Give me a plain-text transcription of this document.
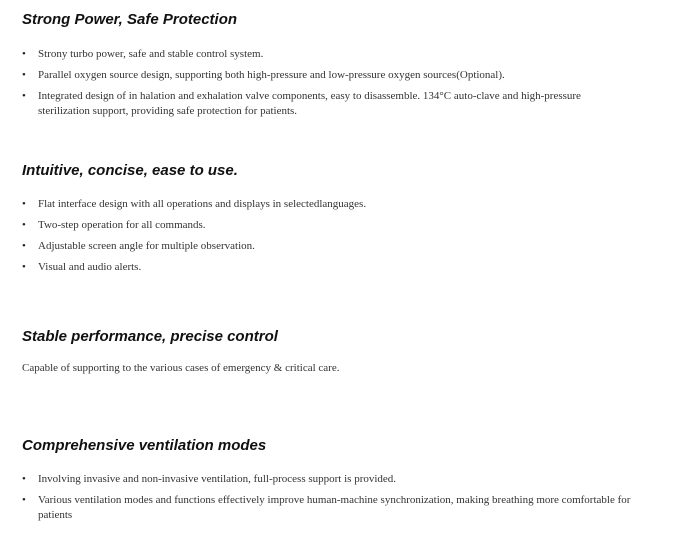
Strong Power, Safe Protection
• Strony turbo power, safe and stable control system.
• Parallel oxygen source design, supporting both high-pressure and low-pressure oxygen sources(Optional).
• Integrated design of in halation and exhalation valve components, easy to disassemble. 134°C auto-clave and high-pressure sterilization support, providing safe protection for patients.
Intuitive, concise, ease to use.
• Flat interface design with all operations and displays in selectedlanguages.
• Two-step operation for all commands.
• Adjustable screen angle for multiple observation.
• Visual and audio alerts.
Stable performance, precise control

Capable of supporting to the various cases of emergency & critical care.

Comprehensive ventilation modes
• Involving invasive and non-invasive ventilation, full-process support is provided.
• Various ventilation modes and functions effectively improve human-machine synchronization, making breathing more comfortable for patients
